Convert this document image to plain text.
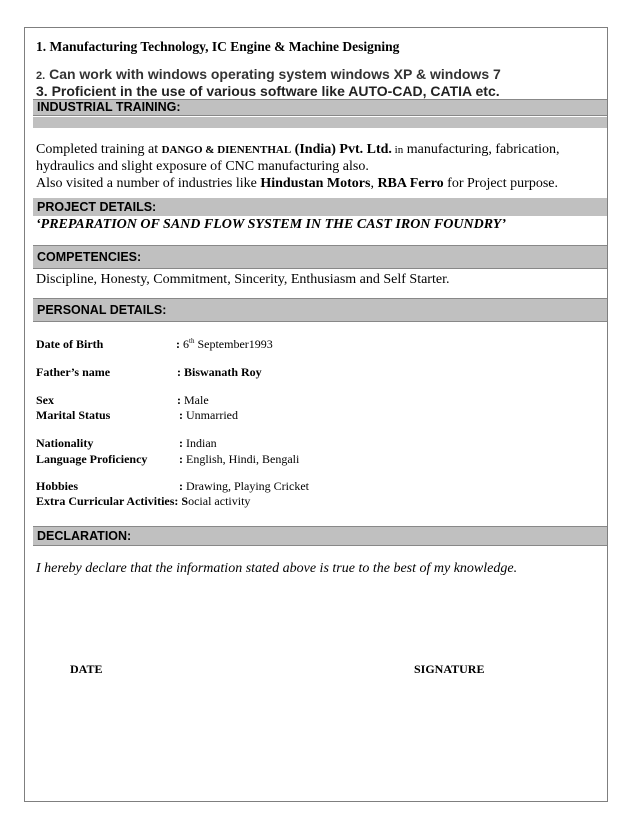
1. Manufacturing Technology, IC Engine & Machine Designing
2. Can work with windows operating system windows XP & windows 7
3. Proficient in the use of various software like AUTO-CAD, CATIA etc.
INDUSTRIAL TRAINING:
Completed training at DANGO & DIENENTHAL (India) Pvt. Ltd. in manufacturing, fabrication,
hydraulics and slight exposure of CNC manufacturing also.
Also visited a number of industries like Hindustan Motors, RBA Ferro for Project purpose.
PROJECT DETAILS:
‘PREPARATION OF SAND FLOW SYSTEM IN THE CAST IRON FOUNDRY’
COMPETENCIES:
Discipline, Honesty, Commitment, Sincerity, Enthusiasm and Self Starter.
PERSONAL DETAILS:
Date of Birth	: 6th September1993
Father’s name	: Biswanath Roy
Sex	: Male
Marital Status	: Unmarried
Nationality	: Indian
Language Proficiency	: English, Hindi, Bengali
Hobbies	: Drawing, Playing Cricket
Extra Curricular Activities: Social activity
DECLARATION:
I hereby declare that the information stated above is true to the best of my knowledge.
DATE	SIGNATURE
